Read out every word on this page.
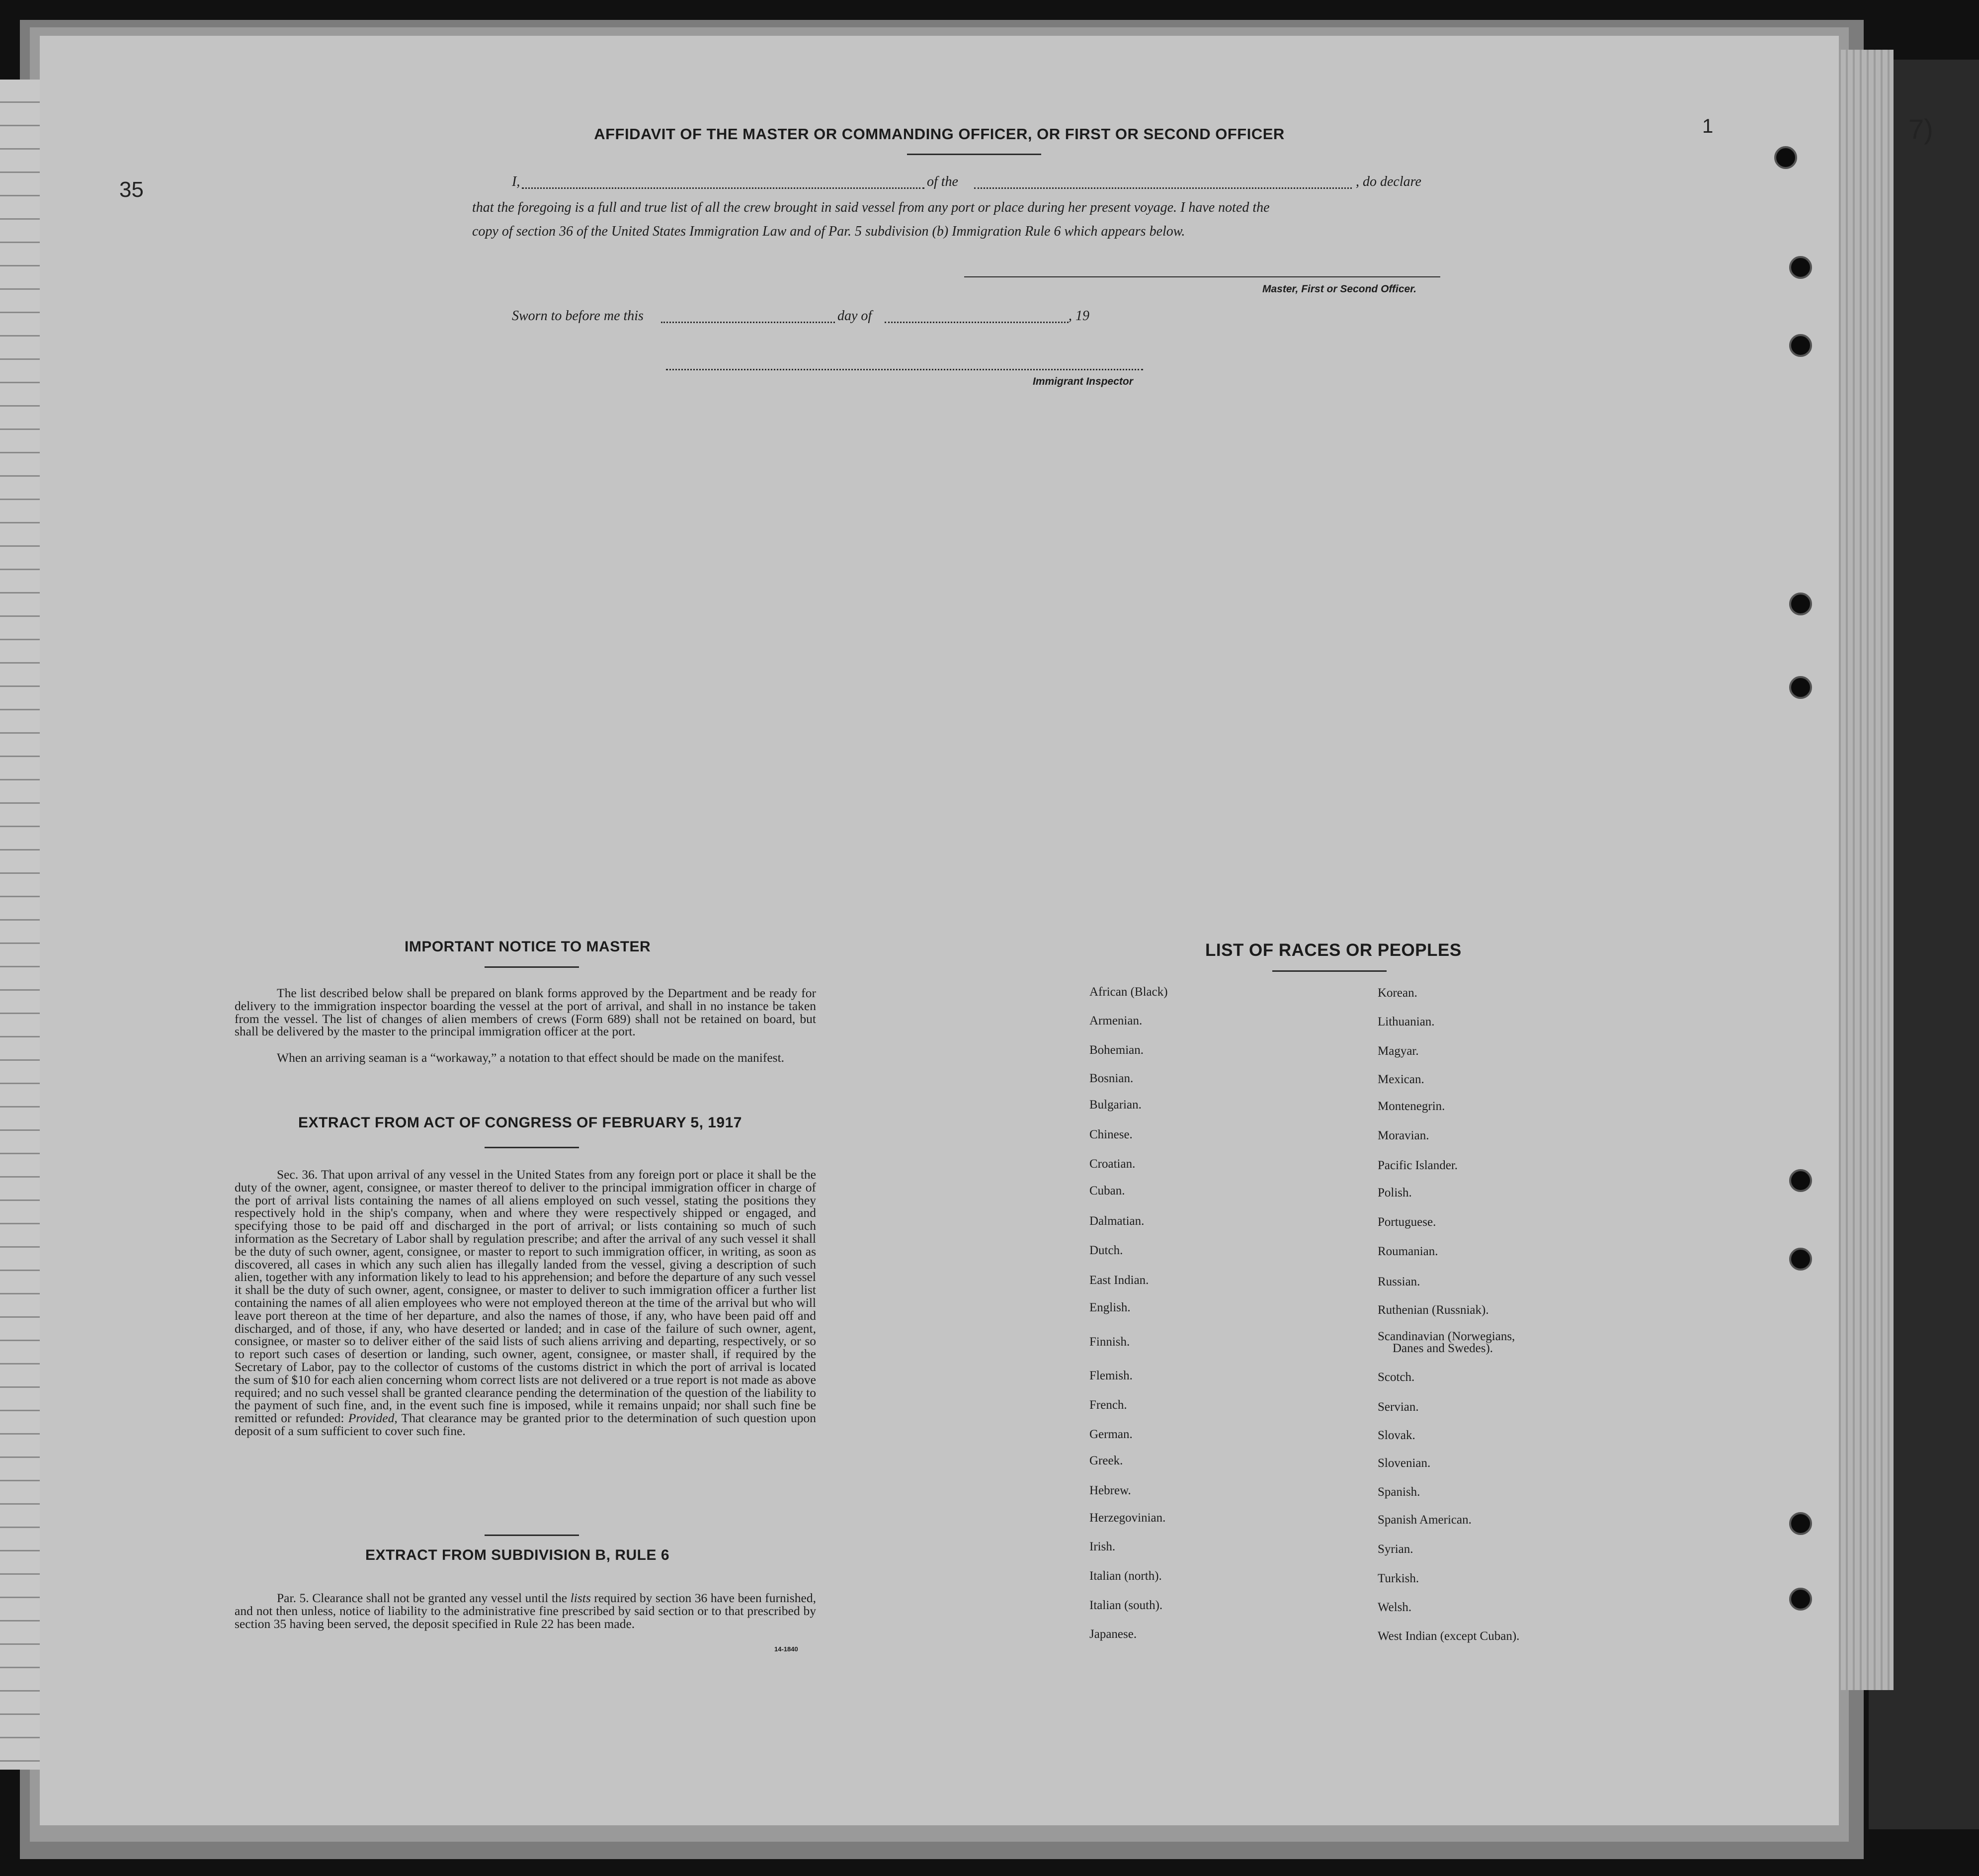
35
1	7)
AFFIDAVIT OF THE MASTER OR COMMANDING OFFICER, OR FIRST OR SECOND OFFICER
I,	of the	, do declare
that the foregoing is a full and true list of all the crew brought in said vessel from any port or place during her present voyage. I have noted the
copy of section 36 of the United States Immigration Law and of Par. 5 subdivision (b) Immigration Rule 6 which appears below.
Master, First or Second Officer.
Sworn to before me this	day of	, 19
Immigrant Inspector
IMPORTANT NOTICE TO MASTER

The list described below shall be prepared on blank forms approved by the Department and be ready for delivery to the immigration inspector boarding the vessel at the port of arrival, and shall in no instance be taken from the vessel. The list of changes of alien members of crews (Form 689) shall not be retained on board, but shall be delivered by the master to the principal immigration officer at the port.

When an arriving seaman is a “workaway,” a notation to that effect should be made on the manifest.

EXTRACT FROM ACT OF CONGRESS OF FEBRUARY 5, 1917

Sec. 36. That upon arrival of any vessel in the United States from any foreign port or place it shall be the duty of the owner, agent, consignee, or master thereof to deliver to the principal immigration officer in charge of the port of arrival lists containing the names of all aliens employed on such vessel, stating the positions they respectively hold in the ship's company, when and where they were respectively shipped or engaged, and specifying those to be paid off and discharged in the port of arrival; or lists containing so much of such information as the Secretary of Labor shall by regulation prescribe; and after the arrival of any such vessel it shall be the duty of such owner, agent, consignee, or master to report to such immigration officer, in writing, as soon as discovered, all cases in which any such alien has illegally landed from the vessel, giving a description of such alien, together with any information likely to lead to his apprehension; and before the departure of any such vessel it shall be the duty of such owner, agent, consignee, or master to deliver to such immigration officer a further list containing the names of all alien employees who were not employed thereon at the time of the arrival but who will leave port thereon at the time of her departure, and also the names of those, if any, who have been paid off and discharged, and of those, if any, who have deserted or landed; and in case of the failure of such owner, agent, consignee, or master so to deliver either of the said lists of such aliens arriving and departing, respectively, or so to report such cases of desertion or landing, such owner, agent, consignee, or master shall, if required by the Secretary of Labor, pay to the collector of customs of the customs district in which the port of arrival is located the sum of $10 for each alien concerning whom correct lists are not delivered or a true report is not made as above required; and no such vessel shall be granted clearance pending the determination of the question of the liability to the payment of such fine, and, in the event such fine is imposed, while it remains unpaid; nor shall such fine be remitted or refunded: Provided, That clearance may be granted prior to the determination of such question upon deposit of a sum sufficient to cover such fine.

EXTRACT FROM SUBDIVISION B, RULE 6

Par. 5. Clearance shall not be granted any vessel until the lists required by section 36 have been furnished, and not then unless, notice of liability to the administrative fine prescribed by said section or to that prescribed by section 35 having been served, the deposit specified in Rule 22 has been made.

14-1840
LIST OF RACES OR PEOPLES

African (Black)

Armenian.

Bohemian.

Bosnian.

Bulgarian.

Chinese.

Croatian.

Cuban.

Dalmatian.

Dutch.

East Indian.

English.

Finnish.

Flemish.

French.

German.

Greek.

Hebrew.

Herzegovinian.

Irish.

Italian (north).

Italian (south).

Japanese.

Korean.

Lithuanian.

Magyar.

Mexican.

Montenegrin.

Moravian.

Pacific Islander.

Polish.

Portuguese.

Roumanian.

Russian.

Ruthenian (Russniak).

Scandinavian (Norwegians,

Danes and Swedes).

Scotch.

Servian.

Slovak.

Slovenian.

Spanish.

Spanish American.

Syrian.

Turkish.

Welsh.

West Indian (except Cuban).
